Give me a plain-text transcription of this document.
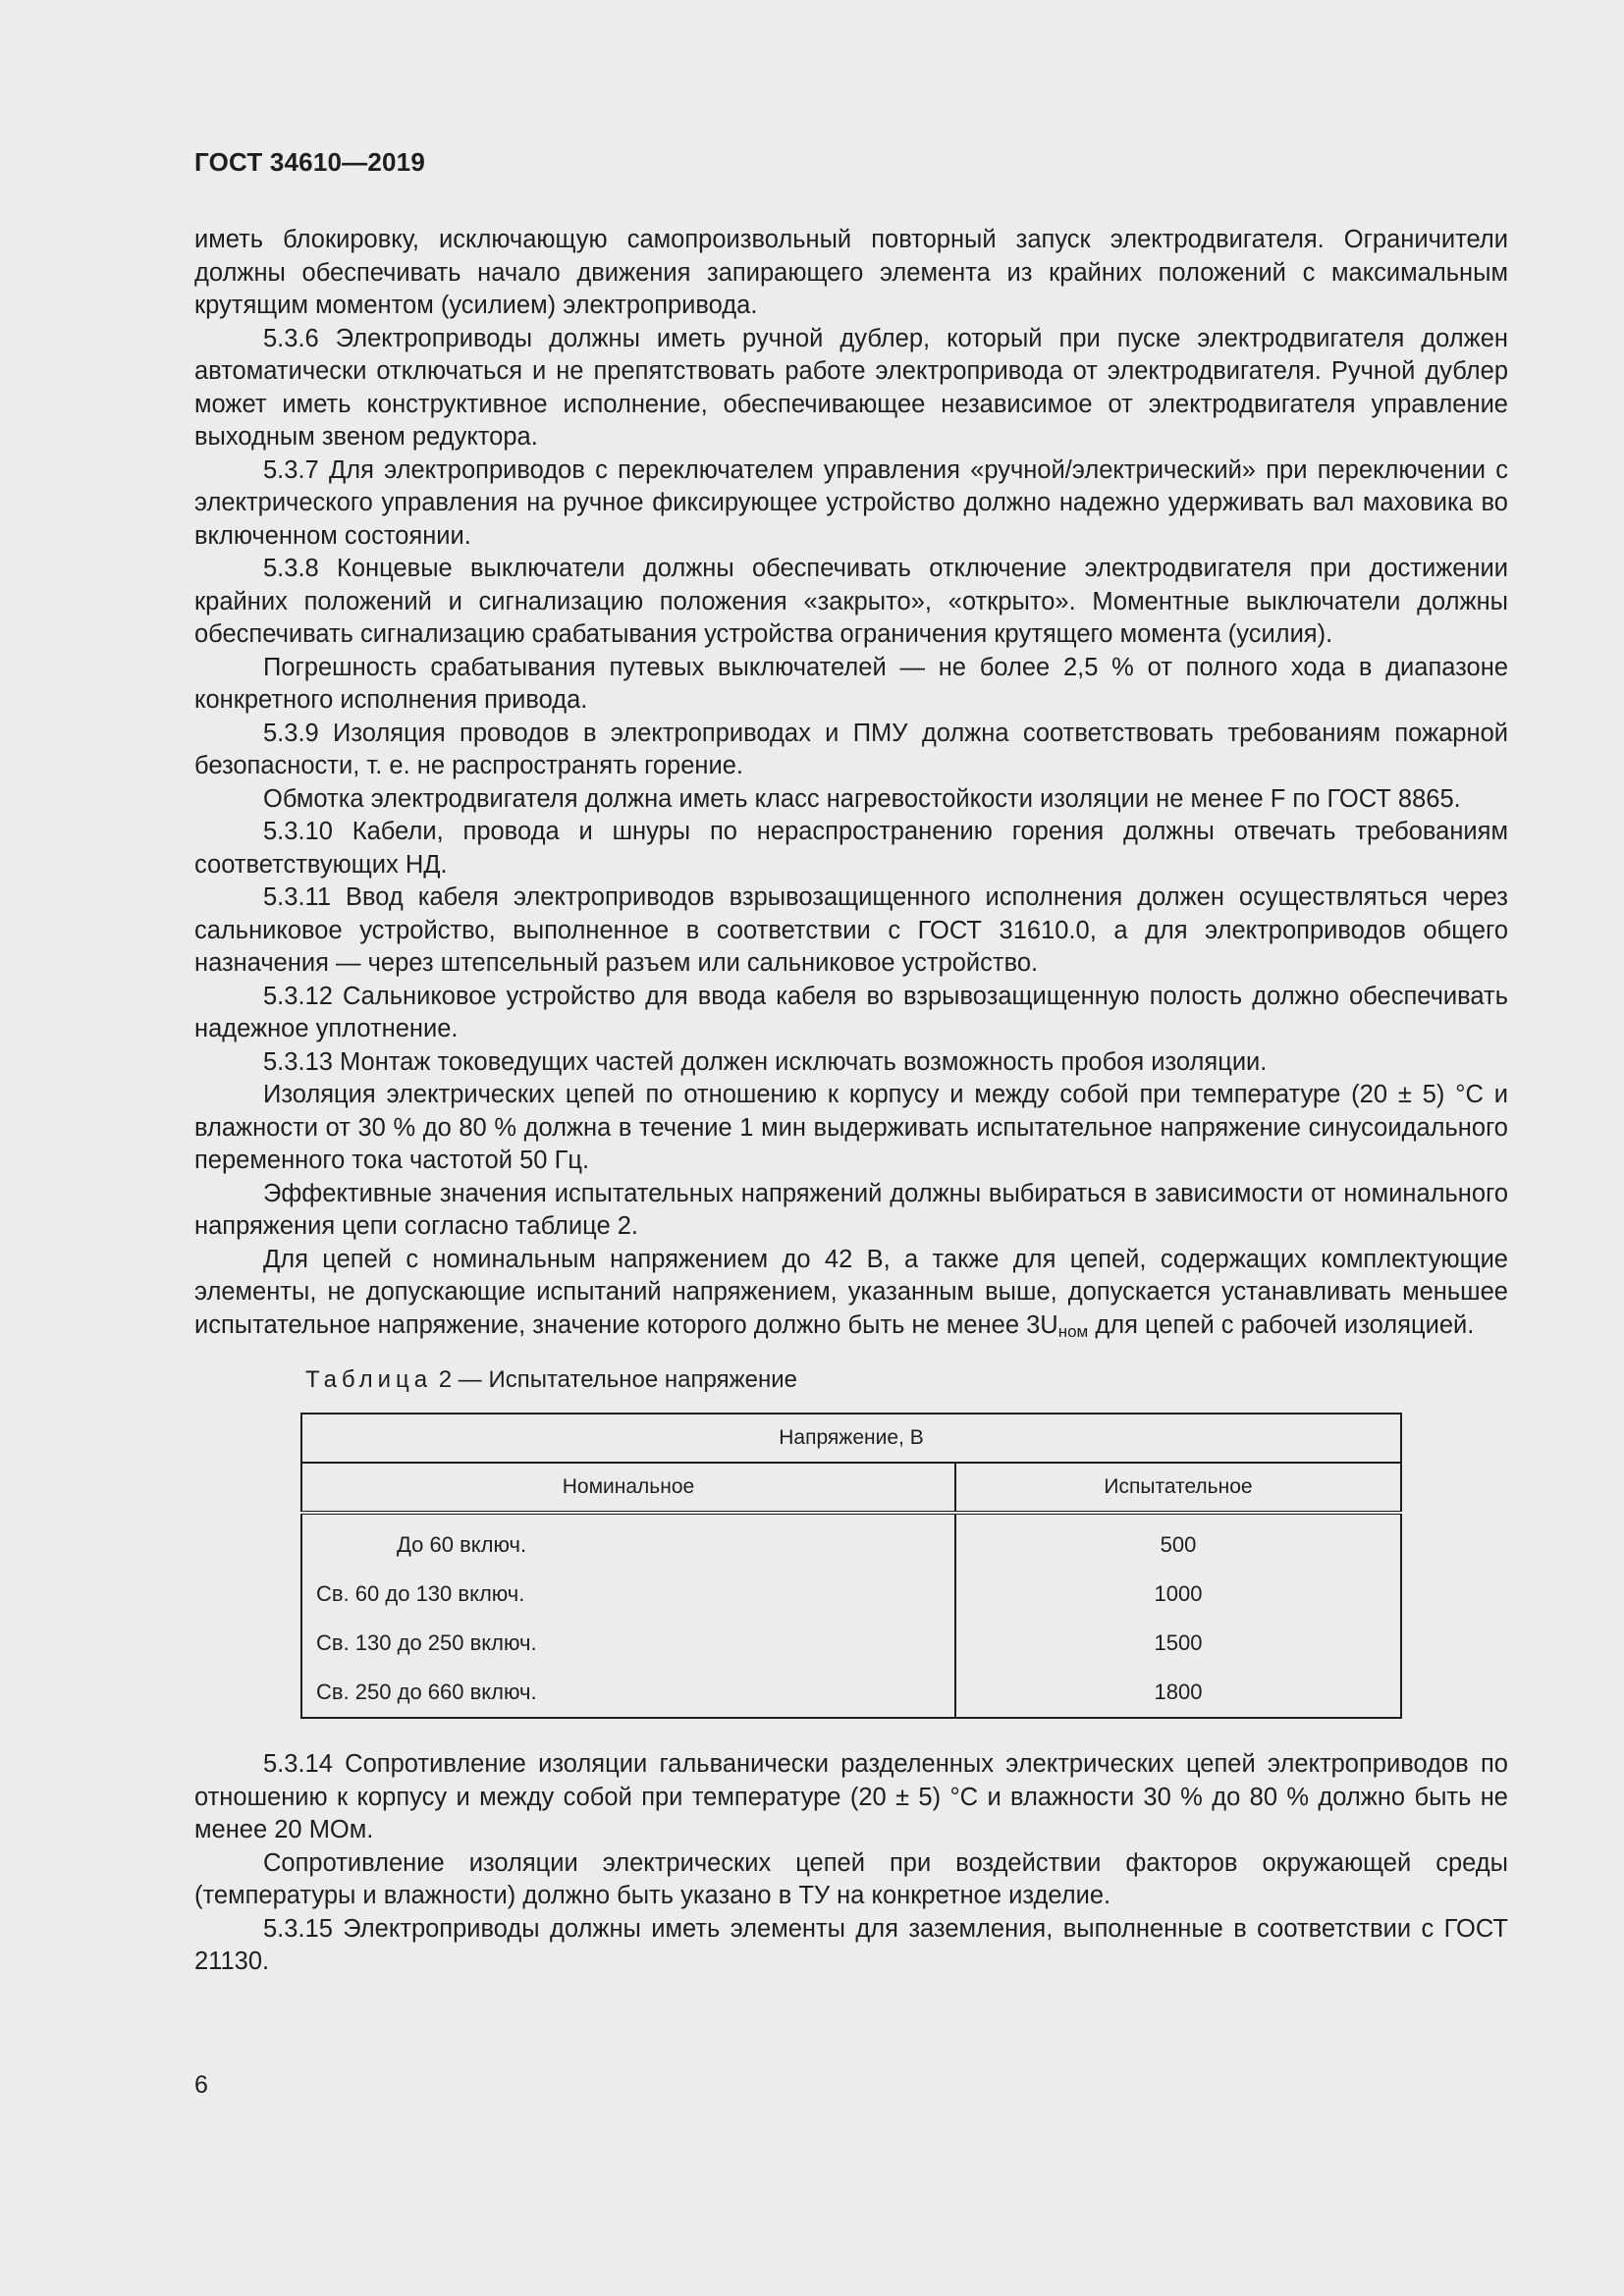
ГОСТ 34610—2019

иметь блокировку, исключающую самопроизвольный повторный запуск электродвигателя. Ограничители должны обеспечивать начало движения запирающего элемента из крайних положений с максимальным крутящим моментом (усилием) электропривода.

5.3.6 Электроприводы должны иметь ручной дублер, который при пуске электродвигателя должен автоматически отключаться и не препятствовать работе электропривода от электродвигателя. Ручной дублер может иметь конструктивное исполнение, обеспечивающее независимое от электродвигателя управление выходным звеном редуктора.

5.3.7 Для электроприводов с переключателем управления «ручной/электрический» при переключении с электрического управления на ручное фиксирующее устройство должно надежно удерживать вал маховика во включенном состоянии.

5.3.8 Концевые выключатели должны обеспечивать отключение электродвигателя при достижении крайних положений и сигнализацию положения «закрыто», «открыто». Моментные выключатели должны обеспечивать сигнализацию срабатывания устройства ограничения крутящего момента (усилия).

Погрешность срабатывания путевых выключателей — не более 2,5 % от полного хода в диапазоне конкретного исполнения привода.

5.3.9 Изоляция проводов в электроприводах и ПМУ должна соответствовать требованиям пожарной безопасности, т. е. не распространять горение.

Обмотка электродвигателя должна иметь класс нагревостойкости изоляции не менее F по ГОСТ 8865.

5.3.10 Кабели, провода и шнуры по нераспространению горения должны отвечать требованиям соответствующих НД.

5.3.11 Ввод кабеля электроприводов взрывозащищенного исполнения должен осуществляться через сальниковое устройство, выполненное в соответствии с ГОСТ 31610.0, а для электроприводов общего назначения — через штепсельный разъем или сальниковое устройство.

5.3.12 Сальниковое устройство для ввода кабеля во взрывозащищенную полость должно обеспечивать надежное уплотнение.

5.3.13 Монтаж токоведущих частей должен исключать возможность пробоя изоляции.

Изоляция электрических цепей по отношению к корпусу и между собой при температуре (20 ± 5) °С и влажности от 30 % до 80 % должна в течение 1 мин выдерживать испытательное напряжение синусоидального переменного тока частотой 50 Гц.

Эффективные значения испытательных напряжений должны выбираться в зависимости от номинального напряжения цепи согласно таблице 2.

Для цепей с номинальным напряжением до 42 В, а также для цепей, содержащих комплектующие элементы, не допускающие испытаний напряжением, указанным выше, допускается устанавливать меньшее испытательное напряжение, значение которого должно быть не менее $3U_{ном}$ для цепей с рабочей изоляцией.

Таблица 2 — Испытательное напряжение
Напряжение, В	
Номинальное	Испытательное
До 60 включ.	500
Св. 60 до 130 включ.	1000
Св. 130 до 250 включ.	1500
Св. 250 до 660 включ.	1800

5.3.14 Сопротивление изоляции гальванически разделенных электрических цепей электроприводов по отношению к корпусу и между собой при температуре (20 ± 5) °С и влажности 30 % до 80 % должно быть не менее 20 МОм.

Сопротивление изоляции электрических цепей при воздействии факторов окружающей среды (температуры и влажности) должно быть указано в ТУ на конкретное изделие.

5.3.15 Электроприводы должны иметь элементы для заземления, выполненные в соответствии с ГОСТ 21130.

6
